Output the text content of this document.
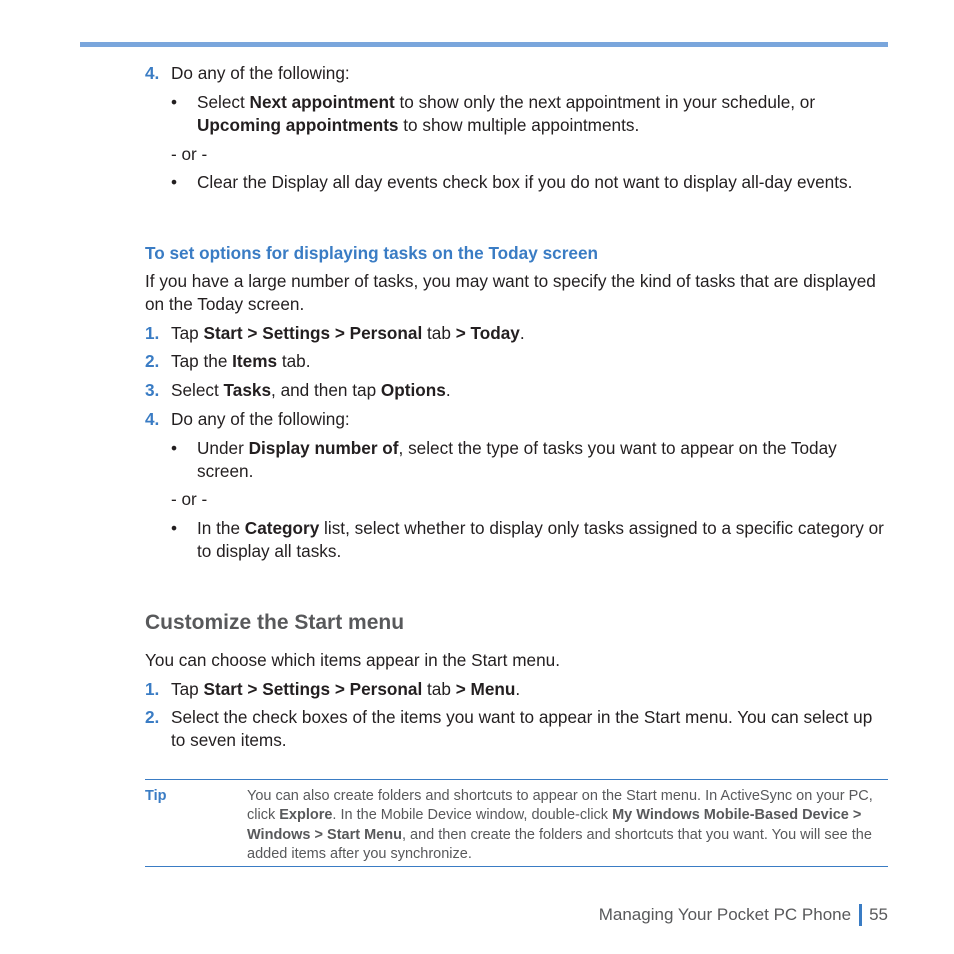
4. Do any of the following:
• Select Next appointment to show only the next appointment in your schedule, or Upcoming appointments to show multiple appointments.
- or -
• Clear the Display all day events check box if you do not want to display all-day events.
To set options for displaying tasks on the Today screen

If you have a large number of tasks, you may want to specify the kind of tasks that are displayed on the Today screen.

1. Tap Start > Settings > Personal tab > Today.
2. Tap the Items tab.
3. Select Tasks, and then tap Options.
4. Do any of the following:
• Under Display number of, select the type of tasks you want to appear on the Today screen.
- or -
• In the Category list, select whether to display only tasks assigned to a specific category or to display all tasks.
Customize the Start menu

You can choose which items appear in the Start menu.

1. Tap Start > Settings > Personal tab > Menu.
2. Select the check boxes of the items you want to appear in the Start menu. You can select up to seven items.
Tip	You can also create folders and shortcuts to appear on the Start menu. In ActiveSync on your PC, click Explore. In the Mobile Device window, double-click My Windows Mobile-Based Device > Windows > Start Menu, and then create the folders and shortcuts that you want. You will see the added items after you synchronize.
Managing Your Pocket PC Phone 55
